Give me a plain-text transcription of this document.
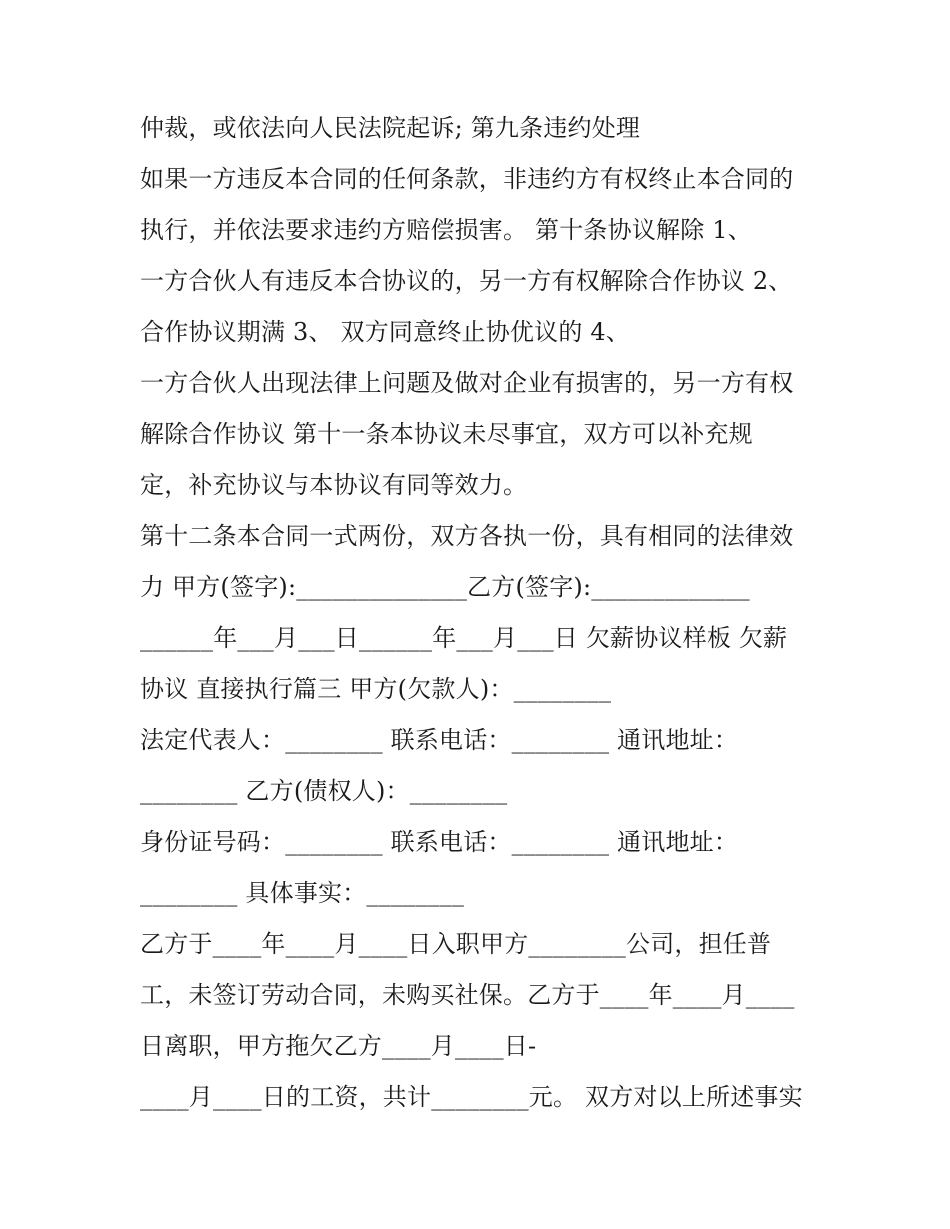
仲裁，或依法向人民法院起诉; 第九条违约处理
如果一方违反本合同的任何条款，非违约方有权终止本合同的
执行，并依法要求违约方赔偿损害。 第十条协议解除 1、
一方合伙人有违反本合协议的，另一方有权解除合作协议 2、
合作协议期满 3、 双方同意终止协优议的 4、
一方合伙人出现法律上问题及做对企业有损害的，另一方有权
解除合作协议 第十一条本协议未尽事宜，双方可以补充规
定，补充协议与本协议有同等效力。
第十二条本合同一式两份，双方各执一份，具有相同的法律效
力 甲方(签字):______________乙方(签字):_____________
______年___月___日______年___月___日 欠薪协议样板 欠薪
协议 直接执行篇三 甲方(欠款人)：________
法定代表人：________ 联系电话：________ 通讯地址：
________ 乙方(债权人)：________
身份证号码：________ 联系电话：________ 通讯地址：
________ 具体事实：________
乙方于____年____月____日入职甲方________公司，担任普
工，未签订劳动合同，未购买社保。乙方于____年____月____
日离职，甲方拖欠乙方____月____日-
____月____日的工资，共计________元。 双方对以上所述事实
